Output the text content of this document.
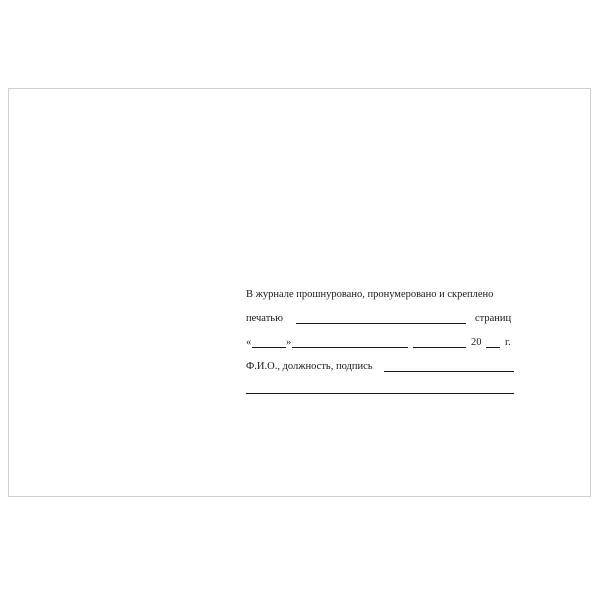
В журнале прошнуровано, пронумеровано и скреплено
печатью	страниц
«	»	20 г.
Ф.И.О., должность, подпись
